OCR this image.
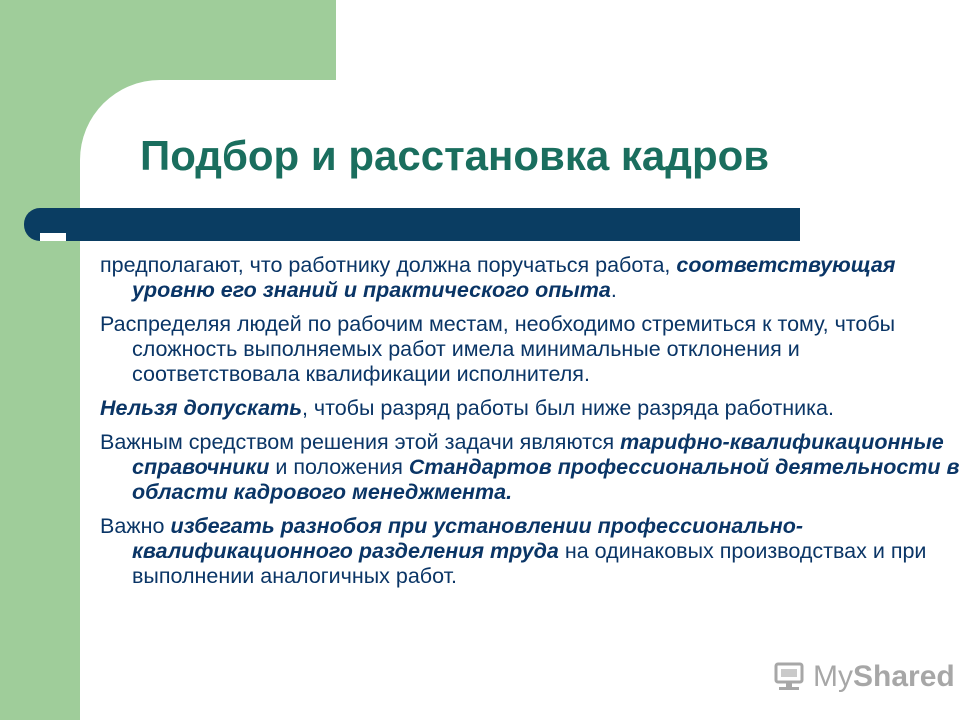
Подбор и расстановка кадров

предполагают, что работнику должна поручаться работа, соответствующая уровню его знаний и практического опыта.

Распределяя людей по рабочим местам, необходимо стремиться к тому, чтобы сложность выполняемых работ имела минимальные отклонения и соответствовала квалификации исполнителя.

Нельзя допускать, чтобы разряд работы был ниже разряда работника.

Важным средством решения этой задачи являются тарифно-квалификационные справочники и положения Стандартов профессиональной деятельности в области кадрового менеджмента.

Важно избегать разнобоя при установлении профессионально-квалификационного разделения труда на одинаковых производствах и при выполнении аналогичных работ.

MyShared
